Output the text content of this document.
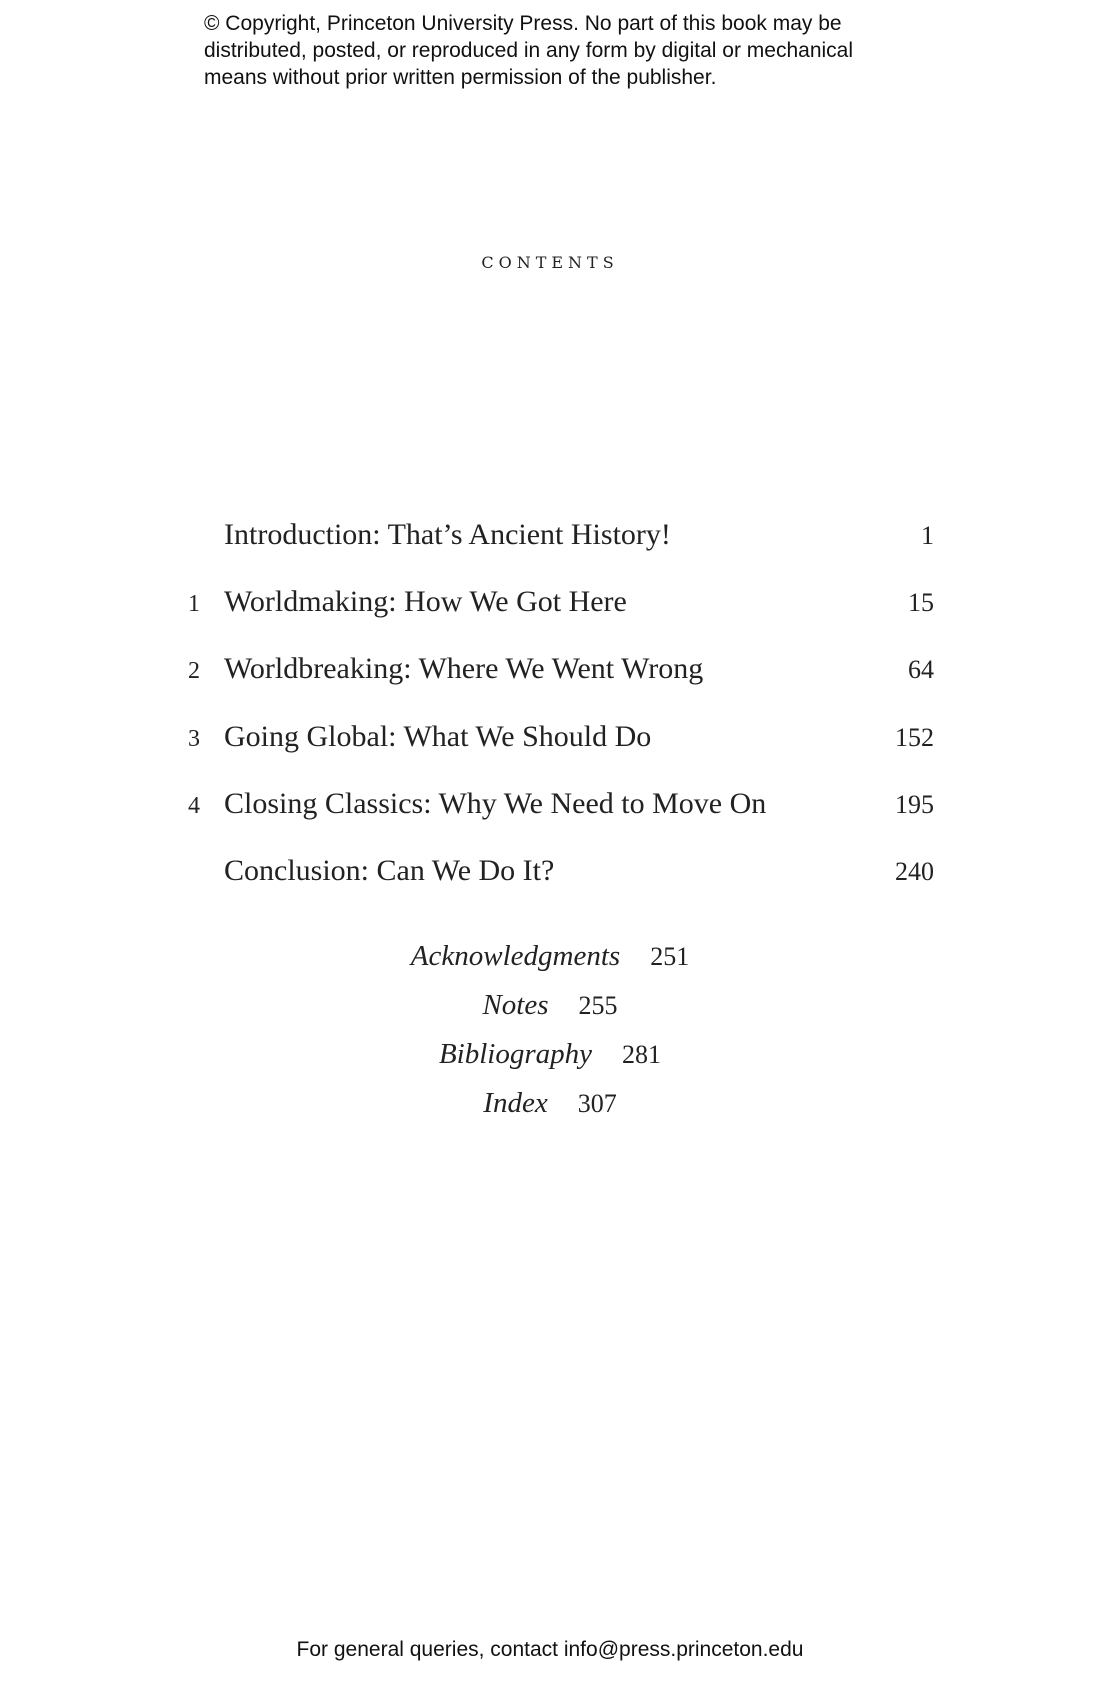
© Copyright, Princeton University Press. No part of this book may be
distributed, posted, or reproduced in any form by digital or mechanical
means without prior written permission of the publisher.
contents
Introduction: That’s Ancient History!	1
1 Worldmaking: How We Got Here	15
2 Worldbreaking: Where We Went Wrong	64
3 Going Global: What We Should Do	152
4 Closing Classics: Why We Need to Move On	195
Conclusion: Can We Do It?	240
Acknowledgments 251
Notes 255
Bibliography 281
Index 307
For general queries, contact info@press.princeton.edu
